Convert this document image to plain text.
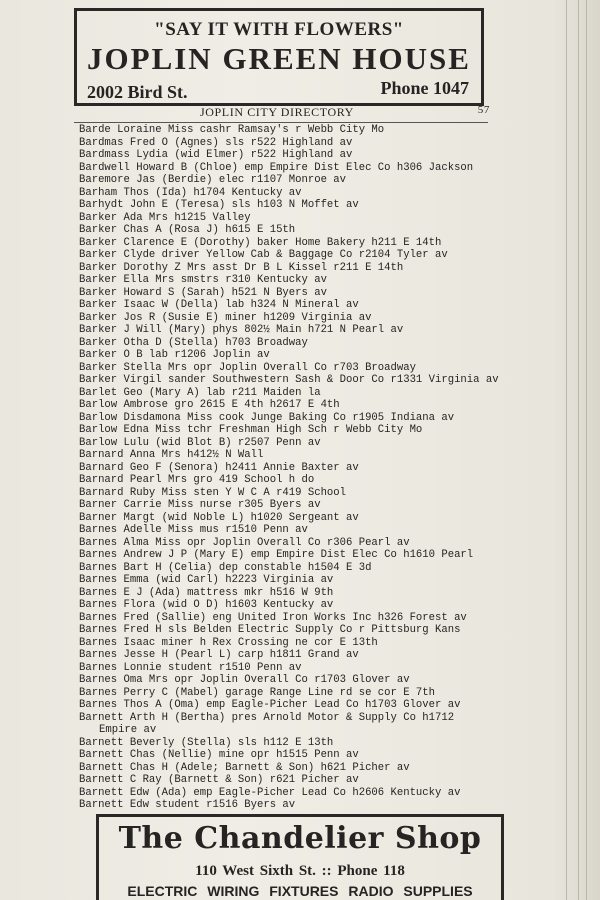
"SAY IT WITH FLOWERS"
JOPLIN GREEN HOUSE
2002 Bird St.	Phone 1047
JOPLIN CITY DIRECTORY	57
Barde Loraine Miss cashr Ramsay's r Webb City Mo
Bardmas Fred O (Agnes) sls r522 Highland av
Bardmass Lydia (wid Elmer) r522 Highland av
Bardwell Howard B (Chloe) emp Empire Dist Elec Co h306 Jackson
Baremore Jas (Berdie) elec r1107 Monroe av
Barham Thos (Ida) h1704 Kentucky av
Barhydt John E (Teresa) sls h103 N Moffet av
Barker Ada Mrs h1215 Valley
Barker Chas A (Rosa J) h615 E 15th
Barker Clarence E (Dorothy) baker Home Bakery h211 E 14th
Barker Clyde driver Yellow Cab & Baggage Co r2104 Tyler av
Barker Dorothy Z Mrs asst Dr B L Kissel r211 E 14th
Barker Ella Mrs smstrs r310 Kentucky av
Barker Howard S (Sarah) h521 N Byers av
Barker Isaac W (Della) lab h324 N Mineral av
Barker Jos R (Susie E) miner h1209 Virginia av
Barker J Will (Mary) phys 802½ Main h721 N Pearl av
Barker Otha D (Stella) h703 Broadway
Barker O B lab r1206 Joplin av
Barker Stella Mrs opr Joplin Overall Co r703 Broadway
Barker Virgil sander Southwestern Sash & Door Co r1331 Virginia av
Barlet Geo (Mary A) lab r211 Maiden la
Barlow Ambrose gro 2615 E 4th h2617 E 4th
Barlow Disdamona Miss cook Junge Baking Co r1905 Indiana av
Barlow Edna Miss tchr Freshman High Sch r Webb City Mo
Barlow Lulu (wid Blot B) r2507 Penn av
Barnard Anna Mrs h412½ N Wall
Barnard Geo F (Senora) h2411 Annie Baxter av
Barnard Pearl Mrs gro 419 School h do
Barnard Ruby Miss sten Y W C A r419 School
Barner Carrie Miss nurse r305 Byers av
Barner Margt (wid Noble L) h1020 Sergeant av
Barnes Adelle Miss mus r1510 Penn av
Barnes Alma Miss opr Joplin Overall Co r306 Pearl av
Barnes Andrew J P (Mary E) emp Empire Dist Elec Co h1610 Pearl
Barnes Bart H (Celia) dep constable h1504 E 3d
Barnes Emma (wid Carl) h2223 Virginia av
Barnes E J (Ada) mattress mkr h516 W 9th
Barnes Flora (wid O D) h1603 Kentucky av
Barnes Fred (Sallie) eng United Iron Works Inc h326 Forest av
Barnes Fred H sls Belden Electric Supply Co r Pittsburg Kans
Barnes Isaac miner h Rex Crossing ne cor E 13th
Barnes Jesse H (Pearl L) carp h1811 Grand av
Barnes Lonnie student r1510 Penn av
Barnes Oma Mrs opr Joplin Overall Co r1703 Glover av
Barnes Perry C (Mabel) garage Range Line rd se cor E 7th
Barnes Thos A (Oma) emp Eagle-Picher Lead Co h1703 Glover av
Barnett Arth H (Bertha) pres Arnold Motor & Supply Co h1712
Empire av
Barnett Beverly (Stella) sls h112 E 13th
Barnett Chas (Nellie) mine opr h1515 Penn av
Barnett Chas H (Adele; Barnett & Son) h621 Picher av
Barnett C Ray (Barnett & Son) r621 Picher av
Barnett Edw (Ada) emp Eagle-Picher Lead Co h2606 Kentucky av
Barnett Edw student r1516 Byers av
The Chandelier Shop
110 West Sixth St. :: Phone 118
ELECTRIC WIRING FIXTURES RADIO SUPPLIES
